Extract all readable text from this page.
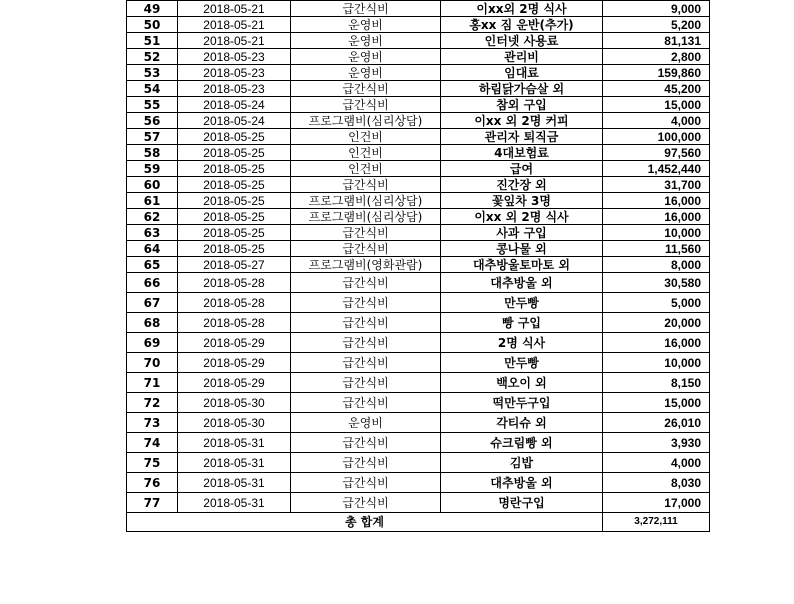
49	2018-05-21	급간식비	이xx외 2명 식사	9,000
50	2018-05-21	운영비	홍xx 짐 운반(추가)	5,200
51	2018-05-21	운영비	인터넷 사용료	81,131
52	2018-05-23	운영비	관리비	2,800
53	2018-05-23	운영비	임대료	159,860
54	2018-05-23	급간식비	하림닭가슴살 외	45,200
55	2018-05-24	급간식비	참외 구입	15,000
56	2018-05-24	프로그램비(심리상담)	이xx 외 2명 커피	4,000
57	2018-05-25	인건비	관리자 퇴직금	100,000
58	2018-05-25	인건비	4대보험료	97,560
59	2018-05-25	인건비	급여	1,452,440
60	2018-05-25	급간식비	진간장 외	31,700
61	2018-05-25	프로그램비(심리상담)	꽃잎차 3명	16,000
62	2018-05-25	프로그램비(심리상담)	이xx 외 2명 식사	16,000
63	2018-05-25	급간식비	사과 구입	10,000
64	2018-05-25	급간식비	콩나물 외	11,560
65	2018-05-27	프로그램비(영화관람)	대추방울토마토 외	8,000
66	2018-05-28	급간식비	대추방울 외	30,580
67	2018-05-28	급간식비	만두빵	5,000
68	2018-05-28	급간식비	빵 구입	20,000
69	2018-05-29	급간식비	2명 식사	16,000
70	2018-05-29	급간식비	만두빵	10,000
71	2018-05-29	급간식비	백오이 외	8,150
72	2018-05-30	급간식비	떡만두구입	15,000
73	2018-05-30	운영비	각티슈 외	26,010
74	2018-05-31	급간식비	슈크림빵 외	3,930
75	2018-05-31	급간식비	김밥	4,000
76	2018-05-31	급간식비	대추방울 외	8,030
77	2018-05-31	급간식비	명란구입	17,000
총 합계				3,272,111
